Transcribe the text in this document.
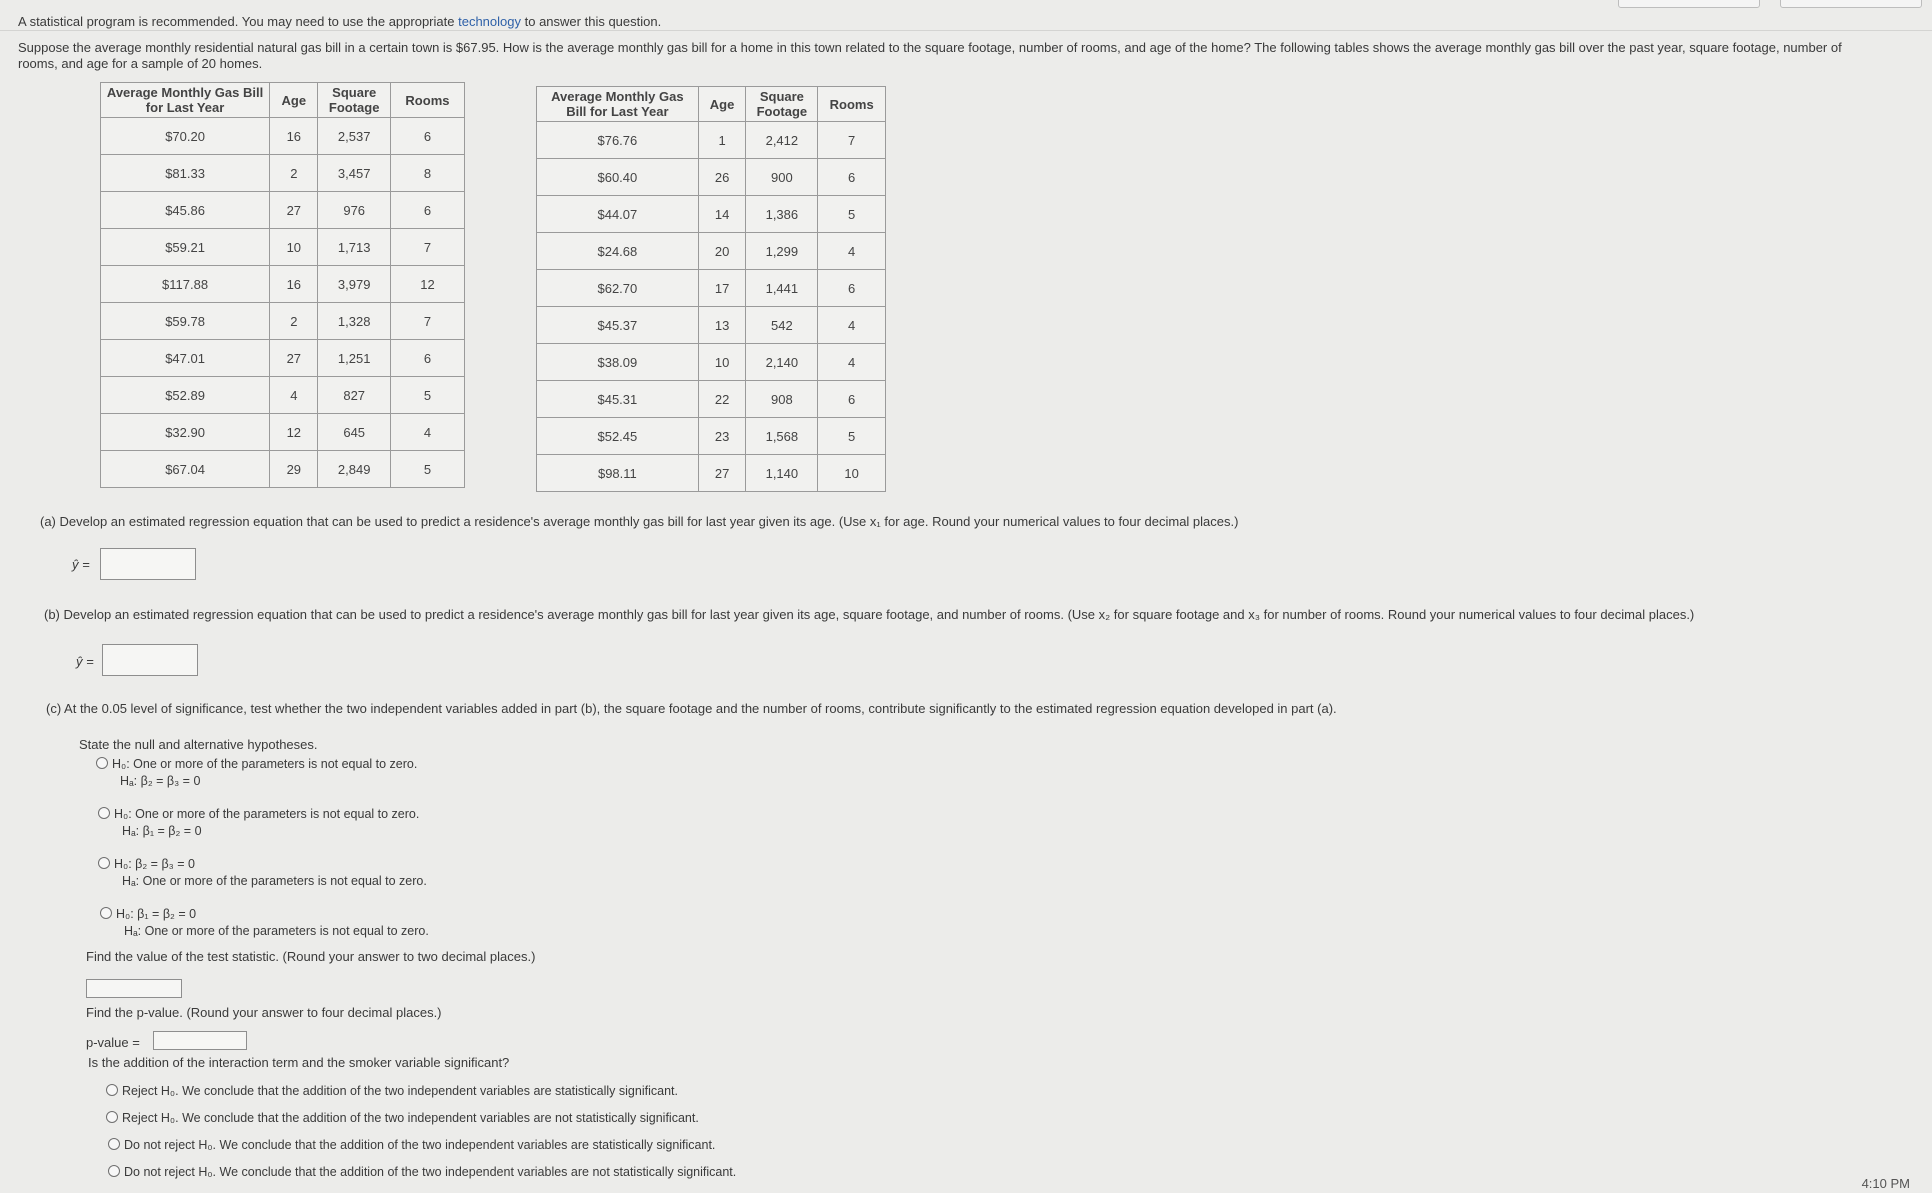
A statistical program is recommended. You may need to use the appropriate technology to answer this question.
Suppose the average monthly residential natural gas bill in a certain town is $67.95. How is the average monthly gas bill for a home in this town related to the square footage, number of rooms, and age of the home? The following tables shows the average monthly gas bill over the past year, square footage, number of
rooms, and age for a sample of 20 homes.
Average Monthly Gas Bill for Last Year	Age	Square Footage	Rooms
$70.20	16	2,537	6
$81.33	2	3,457	8
$45.86	27	976	6
$59.21	10	1,713	7
$117.88	16	3,979	12
$59.78	2	1,328	7
$47.01	27	1,251	6
$52.89	4	827	5
$32.90	12	645	4
$67.04	29	2,849	5
Average Monthly Gas Bill for Last Year	Age	Square Footage	Rooms
$76.76	1	2,412	7
$60.40	26	900	6
$44.07	14	1,386	5
$24.68	20	1,299	4
$62.70	17	1,441	6
$45.37	13	542	4
$38.09	10	2,140	4
$45.31	22	908	6
$52.45	23	1,568	5
$98.11	27	1,140	10
(a) Develop an estimated regression equation that can be used to predict a residence's average monthly gas bill for last year given its age. (Use x₁ for age. Round your numerical values to four decimal places.)
ŷ =
(b) Develop an estimated regression equation that can be used to predict a residence's average monthly gas bill for last year given its age, square footage, and number of rooms. (Use x₂ for square footage and x₃ for number of rooms. Round your numerical values to four decimal places.)
ŷ =
(c) At the 0.05 level of significance, test whether the two independent variables added in part (b), the square footage and the number of rooms, contribute significantly to the estimated regression equation developed in part (a).
State the null and alternative hypotheses.
H₀: One or more of the parameters is not equal to zero.
Hₐ: β₂ = β₃ = 0
H₀: One or more of the parameters is not equal to zero.
Hₐ: β₁ = β₂ = 0
H₀: β₂ = β₃ = 0
Hₐ: One or more of the parameters is not equal to zero.
H₀: β₁ = β₂ = 0
Hₐ: One or more of the parameters is not equal to zero.
Find the value of the test statistic. (Round your answer to two decimal places.)
Find the p-value. (Round your answer to four decimal places.)
p-value =
Is the addition of the interaction term and the smoker variable significant?
Reject H₀. We conclude that the addition of the two independent variables are statistically significant.
Reject H₀. We conclude that the addition of the two independent variables are not statistically significant.
Do not reject H₀. We conclude that the addition of the two independent variables are statistically significant.
Do not reject H₀. We conclude that the addition of the two independent variables are not statistically significant.
4:10 PM
